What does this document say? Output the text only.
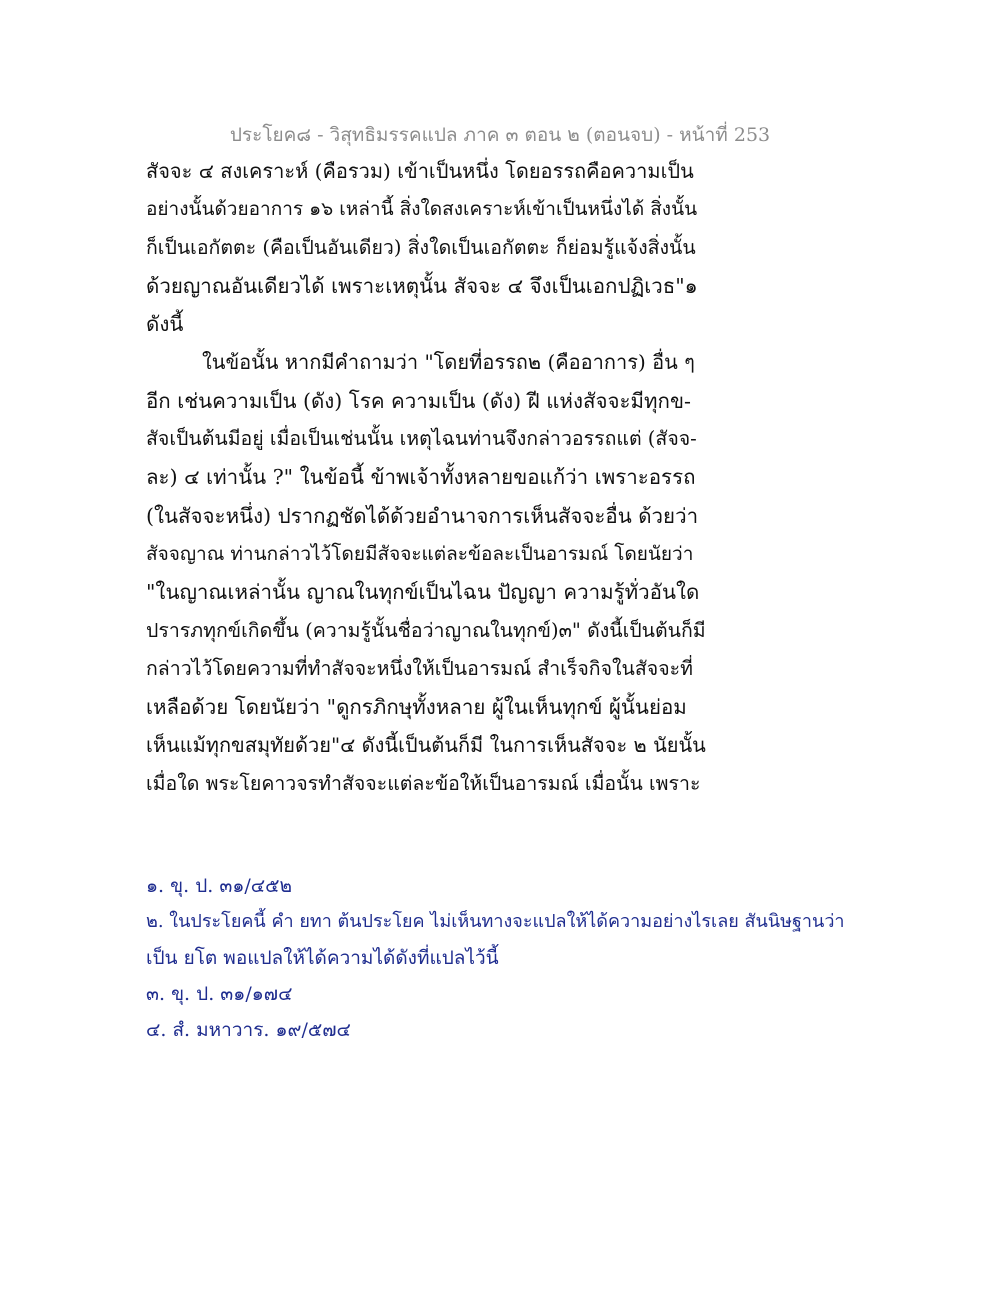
ประโยค๘ - วิสุทธิมรรคแปล ภาค ๓ ตอน ๒ (ตอนจบ) - หน้าที่ 253
สัจจะ ๔ สงเคราะห์ (คือรวม) เข้าเป็นหนึ่ง โดยอรรถคือความเป็น
อย่างนั้นด้วยอาการ ๑๖ เหล่านี้ สิ่งใดสงเคราะห์เข้าเป็นหนึ่งได้ สิ่งนั้น
ก็เป็นเอกัตตะ (คือเป็นอันเดียว) สิ่งใดเป็นเอกัตตะ ก็ย่อมรู้แจ้งสิ่งนั้น
ด้วยญาณอันเดียวได้ เพราะเหตุนั้น สัจจะ ๔ จึงเป็นเอกปฏิเวธ"๑
ดังนี้
ในข้อนั้น หากมีคำถามว่า "โดยที่อรรถ๒ (คืออาการ) อื่น ๆ
อีก เช่นความเป็น (ดัง) โรค ความเป็น (ดัง) ฝี แห่งสัจจะมีทุกข-
สัจเป็นต้นมีอยู่ เมื่อเป็นเช่นนั้น เหตุไฉนท่านจึงกล่าวอรรถแต่ (สัจจ-
ละ) ๔ เท่านั้น ?" ในข้อนี้ ข้าพเจ้าทั้งหลายขอแก้ว่า เพราะอรรถ
(ในสัจจะหนึ่ง) ปรากฏชัดได้ด้วยอำนาจการเห็นสัจจะอื่น ด้วยว่า
สัจจญาณ ท่านกล่าวไว้โดยมีสัจจะแต่ละข้อละเป็นอารมณ์ โดยนัยว่า
"ในญาณเหล่านั้น ญาณในทุกข์เป็นไฉน ปัญญา ความรู้ทั่วอันใด
ปรารภทุกข์เกิดขึ้น (ความรู้นั้นชื่อว่าญาณในทุกข์)๓" ดังนี้เป็นต้นก็มี
กล่าวไว้โดยความที่ทำสัจจะหนึ่งให้เป็นอารมณ์ สำเร็จกิจในสัจจะที่
เหลือด้วย โดยนัยว่า "ดูกรภิกษุทั้งหลาย ผู้ในเห็นทุกข์ ผู้นั้นย่อม
เห็นแม้ทุกขสมุทัยด้วย"๔ ดังนี้เป็นต้นก็มี ในการเห็นสัจจะ ๒ นัยนั้น
เมื่อใด พระโยคาวจรทำสัจจะแต่ละข้อให้เป็นอารมณ์ เมื่อนั้น เพราะ
๑. ขุ. ป. ๓๑/๔๕๒
๒. ในประโยคนี้ คำ ยทา ต้นประโยค ไม่เห็นทางจะแปลให้ได้ความอย่างไรเลย สันนิษฐานว่า
เป็น ยโต พอแปลให้ได้ความได้ดังที่แปลไว้นี้
๓. ขุ. ป. ๓๑/๑๗๔
๔. สํ. มหาวาร. ๑๙/๕๗๔
